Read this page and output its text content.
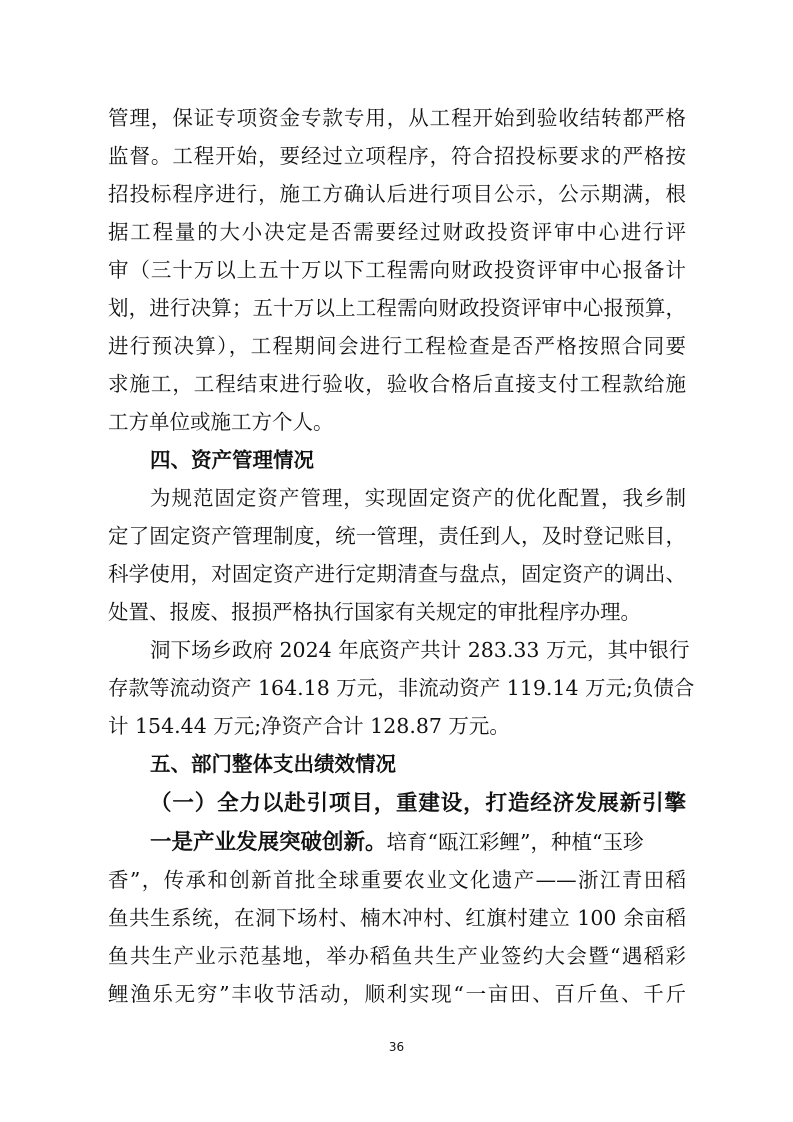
管理，保证专项资金专款专用，从工程开始到验收结转都严格
监督。工程开始，要经过立项程序，符合招投标要求的严格按
招投标程序进行，施工方确认后进行项目公示，公示期满，根
据工程量的大小决定是否需要经过财政投资评审中心进行评
审（三十万以上五十万以下工程需向财政投资评审中心报备计
划，进行决算；五十万以上工程需向财政投资评审中心报预算，
进行预决算），工程期间会进行工程检查是否严格按照合同要
求施工，工程结束进行验收，验收合格后直接支付工程款给施
工方单位或施工方个人。
四、资产管理情况
为规范固定资产管理，实现固定资产的优化配置，我乡制
定了固定资产管理制度，统一管理，责任到人，及时登记账目，
科学使用，对固定资产进行定期清查与盘点，固定资产的调出、
处置、报废、报损严格执行国家有关规定的审批程序办理。
洞下场乡政府 2024 年底资产共计 283.33 万元，其中银行
存款等流动资产 164.18 万元，非流动资产 119.14 万元;负债合
计 154.44 万元;净资产合计 128.87 万元。
五、部门整体支出绩效情况
（一）全力以赴引项目，重建设，打造经济发展新引擎
一是产业发展突破创新。培育“瓯江彩鲤”，种植“玉珍
香”，传承和创新首批全球重要农业文化遗产——浙江青田稻
鱼共生系统，在洞下场村、楠木冲村、红旗村建立 100 余亩稻
鱼共生产业示范基地，举办稻鱼共生产业签约大会暨“遇稻彩
鲤渔乐无穷”丰收节活动，顺利实现“一亩田、百斤鱼、千斤
36
